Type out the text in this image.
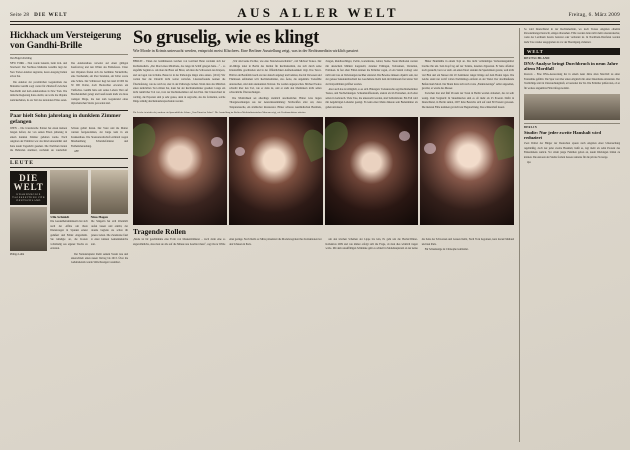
Seite 28 DIE WELT	AUS ALLER WELT	Freitag, 6. März 2009
Hickhack um Versteigerung von Gandhi-Brille
Von Holger Kreitling

NEW YORK – Nun wurde bekannt, beim Zeit- und Streitwert: Der Nachlass Mahatma Gandhis liegt der New Yorker Auktion zugrunde, deren Ausgang Indien erbost hat.

Die Auktion der persönlichen Gegenstände des Mahatma Gandhi sorgt weiter für Zündstoff zwischen Neu-Delhi und dem Auktionshaus in New York. Die indische Regierung hatte erklärt, sie wolle die Objekte zurückerhalten, da sie Teil des nationalen Erbes seien. Das Auktionshaus verweist auf einen gültigen Kaufvertrag und den Willen des Einlieferers. Unter den Objekten finden sich die berühmte Nickelbrille, eine Taschenuhr, ein Paar Sandalen, ein Teller sowie eine Schale. Der Schätzwert liegt bei rund 20 000 bis 30 000 Dollar, doch Beobachter erwarten ein Vielfaches. Gandhi hatte zeit seines Lebens Wert auf Bescheidenheit gelegt und besaß kaum mehr als diese wenigen Dinge, die nun zum Gegenstand eines diplomatischen Streits geworden sind.

Paar hielt Sohn jahrelang in dunklem Zimmer gefangen

WIEN – Die französische Polizei hat einen kleinen Jungen befreit, der von seinen Eltern jahrelang in einem dunklen Zimmer gehalten wurde. Nach Angaben der Ermittler war das Kind unterernährt und hatte kaum Tageslicht gesehen. Die Nachbarn hatten die Behörden alarmiert, nachdem sie wiederholt Schreie gehört hatten. Der Vater und die Mutter wurden festgenommen, der Junge kam in ein Krankenhaus. Die Staatsanwaltschaft ermittelt wegen Misshandlung Schutzbefohlener und Freiheitsberaubung.

AFP

LEUTE
DIE WELT
UNABHÄNGIGE TAGESZEITUNG FÜR DEUTSCHLAND
Ulla Schmidt

Die Gesundheitsministerin hat sich nach der Affäre um ihren Dienstwagen in Spanien erneut geäußert und Fehler eingeräumt. Sie kündigte an, die Kosten vollständig aus eigener Tasche zu erstatten.

Nina Hagen

Die Sängerin hat sich öffentlich taufen lassen und erklärt, der Glaube begleite sie schon ihr ganzes Leben. Die Zeremonie fand in einer kleinen Gemeindekirche statt.

Philipp Lahm	Der Nationalspieler bleibt seinem Verein treu und unterschrieb einen neuen Vertrag bis 2013. Über die Gehaltsdetails wurde Stillschweigen vereinbart.

So gruselig, wie es klingt
Wie Morde in Krimis untersucht werden, entspricht meist Klischees. Eine Berliner Ausstellung zeigt, was in der Rechtsmedizin wirklich passiert

BERLIN – Einen der berühmtesten Leichen von Gottfried Benn verdankt sich der Rechtsmedizin. „Der Mord eines Mädchens, das lange im Schilf gelegen hatte…“ – so ungefähr beginnt es. Als man die Brust auf Brust, sah man die Schwestern des Körpers, und sie lagen wie in Ruhe. Heute ist in der Pathologie längst alles anders. (1912): Wir wollen hier die Umsicht nicht weiter vertiefen. Literaturfreunde kennen die Überlieferung, wie sie reich ist, aber in der Pathologie lachen. Wenn man das Mädchen einen natürlichen Tod erlitten hat, dann hat der Rechtsmediziner gesehen: Lange ein nicht natürlicher Tod war, trotz der Rechtsmediziner auf den Plan. Der Unterschied ist wichtig, die Experten sind ja sehr genau, denn in Argwohn, das die formellen, solche Dinge ständig durcheinandersprechende werden.

„Wir sind keine Profiler, wie eine Naturwissenschaftler“, ruft Michael Tsokos. Der 42-Jährige leitet in Berlin das Institut für Rechtsmedizin, das sich durch seine Klientelfälle geschrieben und in der Öffentlichkeit Aufmerksamkeit trägt. Das Tatort-Bild ist ein Berufsbild auch erst nur danach angelegt und bemisst, die mit Verwesen und Fäulnissen aufräumen will. Rechtsmediziner, also Ärzte, die ungeklärte Todesfälle untersuchen, sind dem anerkannten Vertraut. Sie werden angesprochen. Michael Tsokos schreibt über den Tod, wie er dann ist, und er sieht den Medizinern nicht selten schreckliche Überraschungen.

Die Wirklichkeit sei allerdings ziemlich anschaulicher. Hinter Glas liegen Thonganordnungen aus der Anatomiesammlung: Stichwaffen aller Art, dazu Tatspurensuche, ein städtischer Restaurator. Hinter schwere Ausländischen Bestände, Zangen, Rundbeschläger, Zwille, Gartenharke, Gürtel, Steine. Neun Methoden werden mit deutschem Müllern dargestellt, darunter Erhängen, Verbrennen, Verstellen, Ertrinken. In fast allen Fällen können die Ermittler sagen, ob ein Suizid vorliegt oder nicht und was an Verletzungen nachher entstand. Die Beweise müssen objektiv sein, nur der genaue Sekundenbruchteil des Geschehens bleibt dem im Intimraum frei letzter Teil der Körperhöhlen geöffnet werden.

Aber auch das ist alltäglich, so es sich. Hinzugen: Todesursache sagt Rechtsmediziner Tsokos, und Nachwirkungen. Schaumstoffkonsum, andern als im Fernsehen, doch eher selten in Gebrauch. Viele Tote, die untersucht werden, sind Selbstmörder. Ein Fall wird mit Angehörigen Lebender gezeigt. Es kann einer Mann diskrete sein Badezimmer als gehen unwissen.

Hinter Heizmühle in einem Topf an. Das nicht vollständiges Verbrennungsmittel brachte ihn um. Sein Kopf lag auf der Toilette, daneben Zigaretten. Er hatte offenbar noch geraucht, bevor er starb. An einen Tatort standen die Spezialisten gerade, weil nicht viel Blut und ein Messer mit 20 Zentimeter langer Klinge auf dem Boden lagen. Die Leiche stand nur zwölf vollen Nachmittags entfernt an der Wand. Der abschließende Befund kam Mord. Der Mann hatte sich nach vorne „Funktionenlage“ selbst angesehen, gewirkt, er wurde das Messer.

Zwischen drei und fünf Prozent der Toten in Berlin werden obduziert, das ist sehr wenig. Zum Vergleich: In Skandinavien sind es oft mehr als 25 Prozent. Dafür in Deutschland, in Berlin zumal, 2007 habe Bereiche sich auf rund 80 Prozent gewesen. Die meisten Fälle kommen gar nicht zur Begutachtung. Das schmerzhaft dauert.

Die Leiche ist nicht echt, sondern ein Spurenbild der Schau: „Vom Tatort ins Labor“. Die Ausstellung im Berliner Medizinhistorischen Museum zeigt, wie Rechtsmediziner arbeiten
Tragende Rollen

„Mode ist für geschminkte eine Form von Maskenbildnerei – doch darin eine so ungewöhnliche, dass man sie alle auf die Minute neu beachtet muss“, sagt Oscar Wilde einst geringe. Noch bleibt es: Mitte präsentiert die Modefotografen ihre Kollektionen bei den Schauen in Paris.

um den irischen Scheiben der Lippe bis fein, Es geht um die Herbst/Winter-Kollektion 2009 und wie immer erfolgt sich die Frage, ob man dies wirklich tragen wolle. Mit dem unauffälligen Schminke geht es schnell in Modehauptstadt an der keine die Seite der Schwarzen und Grauen bleibt, Nach York begonnen, kurz darauf Mailand und nun Paris.

Für Schaulustige ist Chrisophe Guillarmé.

So wird Deutschland in der Rechtsmedizin, wo nach Tsokos Angaben ohnehin Personalmangel herrscht, einiges übersehen. Fälle werden dann nicht mehr rekonstruierbar, wenn der Leichnam bereits bestattet oder verbrannt ist. In Nordrhein-Westfalen werden mehr Tote wieder ausgegraben als vor der Beerdigung obduziert.

WELT
DEUTSCHLAND
DNA-Analyse bringt Durchbruch in neun Jahre altem Mordfall

Rostock – Eine DNA-Auswertung hat in einem neun Jahre alten Mordfall zu einer Festnahme geführt. Die Spur war über einen Abgleich mit einer Datenbank entstanden. Der Verdächtige sitzt in Untersuchungshaft, er bestreitet die Tat. Die Ermittler prüfen nun, ob er für weitere ungeklärte Fälle infrage kommt.

BERLIN
Studie: Nur jeder zweite Haushalt wird reduziert

Zwei Drittel der Bürger der Deutschen sparen nach Angaben einer Untersuchung regelmäßig, doch nur jeder zweite Haushalt, heißt es, legt mehr als zehn Prozent des Einkommens zurück. Vor allem junge Familien geben an, kaum Rücklagen bilden zu können. Die Autoren der Studie fordern bessere Anreize für die private Vorsorge.

dpa
